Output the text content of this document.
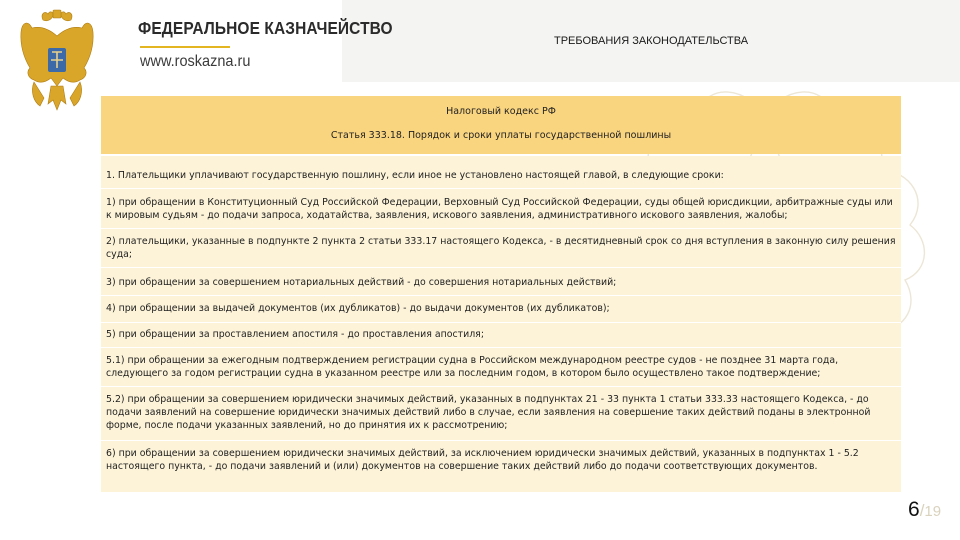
ФЕДЕРАЛЬНОЕ КАЗНАЧЕЙСТВО
www.roskazna.ru
ТРЕБОВАНИЯ ЗАКОНОДАТЕЛЬСТВА
Налоговый кодекс РФ
Статья 333.18. Порядок и сроки уплаты государственной пошлины
1. Плательщики уплачивают государственную пошлину, если иное не установлено настоящей главой, в следующие сроки:
1) при обращении в Конституционный Суд Российской Федерации, Верховный Суд Российской Федерации, суды общей юрисдикции, арбитражные суды или к мировым судьям - до подачи запроса, ходатайства, заявления, искового заявления, административного искового заявления, жалобы;
2) плательщики, указанные в подпункте 2 пункта 2 статьи 333.17 настоящего Кодекса, - в десятидневный срок со дня вступления в законную силу решения суда;
3) при обращении за совершением нотариальных действий - до совершения нотариальных действий;
4) при обращении за выдачей документов (их дубликатов) - до выдачи документов (их дубликатов);
5) при обращении за проставлением апостиля - до проставления апостиля;
5.1) при обращении за ежегодным подтверждением регистрации судна в Российском международном реестре судов - не позднее 31 марта года, следующего за годом регистрации судна в указанном реестре или за последним годом, в котором было осуществлено такое подтверждение;
5.2) при обращении за совершением юридически значимых действий, указанных в подпунктах 21 - 33 пункта 1 статьи 333.33 настоящего Кодекса, - до подачи заявлений на совершение юридически значимых действий либо в случае, если заявления на совершение таких действий поданы в электронной форме, после подачи указанных заявлений, но до принятия их к рассмотрению;
6) при обращении за совершением юридически значимых действий, за исключением юридически значимых действий, указанных в подпунктах 1 - 5.2 настоящего пункта, - до подачи заявлений и (или) документов на совершение таких действий либо до подачи соответствующих документов.
6/19
